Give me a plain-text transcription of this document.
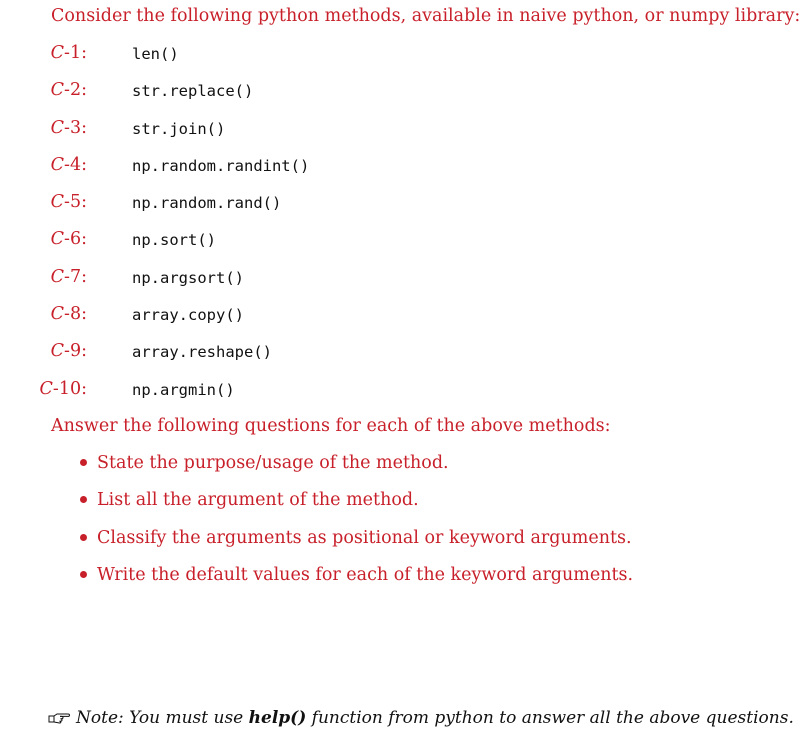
Consider the following python methods, available in naive python, or numpy library:
C-1:	len()
C-2:	str.replace()
C-3:	str.join()
C-4:	np.random.randint()
C-5:	np.random.rand()
C-6:	np.sort()
C-7:	np.argsort()
C-8:	array.copy()
C-9:	array.reshape()
C-10:	np.argmin()
Answer the following questions for each of the above methods:
State the purpose/usage of the method.
List all the argument of the method.
Classify the arguments as positional or keyword arguments.
Write the default values for each of the keyword arguments.
Note: You must use help() function from python to answer all the above questions.
